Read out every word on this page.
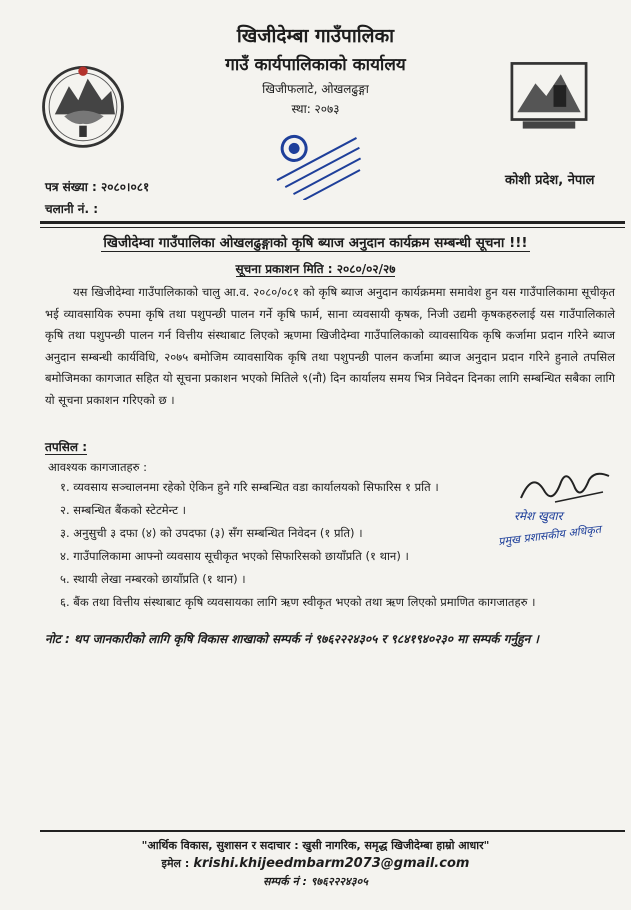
खिजीदेम्बा गाउँपालिका
गाउँ कार्यपालिकाको कार्यालय
खिजीफलाटे, ओखलढुङ्गा
स्था: २०७३
पत्र संख्या : २०८०।०८१
चलानी नं. :
कोशी प्रदेश, नेपाल
खिजीदेम्वा गाउँपालिका ओखलढुङ्गाको कृषि ब्याज अनुदान कार्यक्रम सम्बन्धी सूचना !!!
सूचना प्रकाशन मिति : २०८०/०२/२७
यस खिजीदेम्वा गाउँपालिकाको चालु आ.व. २०८०/०८१ को कृषि ब्याज अनुदान कार्यक्रममा समावेश हुन यस गाउँपालिकामा सूचीकृत भई व्यावसायिक रुपमा कृषि तथा पशुपन्छी पालन गर्ने कृषि फार्म, साना व्यवसायी कृषक, निजी उद्यमी कृषकहरुलाई यस गाउँपालिकाले कृषि तथा पशुपन्छी पालन गर्न वित्तीय संस्थाबाट लिएको ऋणमा खिजीदेम्वा गाउँपालिकाको व्यावसायिक कृषि कर्जामा प्रदान गरिने ब्याज अनुदान सम्बन्धी कार्यविधि, २०७५ बमोजिम व्यावसायिक कृषि तथा पशुपन्छी पालन कर्जामा ब्याज अनुदान प्रदान गरिने हुनाले तपसिल बमोजिमका कागजात सहित यो सूचना प्रकाशन भएको मितिले ९(नौ) दिन कार्यालय समय भित्र निवेदन दिनका लागि सम्बन्धित सबैका लागि यो सूचना प्रकाशन गरिएको छ ।
तपसिल :
आवश्यक कागजातहरु :
१. व्यवसाय सञ्चालनमा रहेको ऐकिन हुने गरि सम्बन्धित वडा कार्यालयको सिफारिस १ प्रति ।
२. सम्बन्धित बैंकको स्टेटमेन्ट ।
३. अनुसुची ३ दफा (४) को उपदफा (३) सँग सम्बन्धित निवेदन (१ प्रति) ।
४. गाउँपालिकामा आफ्नो व्यवसाय सूचीकृत भएको सिफारिसको छायाँप्रति (१ थान) ।
५. स्थायी लेखा नम्बरको छायाँप्रति (१ थान) ।
६. बैंक तथा वित्तीय संस्थाबाट कृषि व्यवसायका लागि ऋण स्वीकृत भएको तथा ऋण लिएको प्रमाणित कागजातहरु ।
रमेश खुवार
प्रमुख प्रशासकीय अधिकृत
नोट : थप जानकारीको लागि कृषि विकास शाखाको सम्पर्क नं ९७६२२२४३०५ र ९८४१९४०२३० मा सम्पर्क गर्नुहुन ।
"आर्थिक विकास, सुशासन र सदाचार : खुसी नागरिक, समृद्ध खिजीदेम्बा हाम्रो आधार"
इमेल : krishi.khijeedmbarm2073@gmail.com
सम्पर्क नं : ९७६२२२४३०५
